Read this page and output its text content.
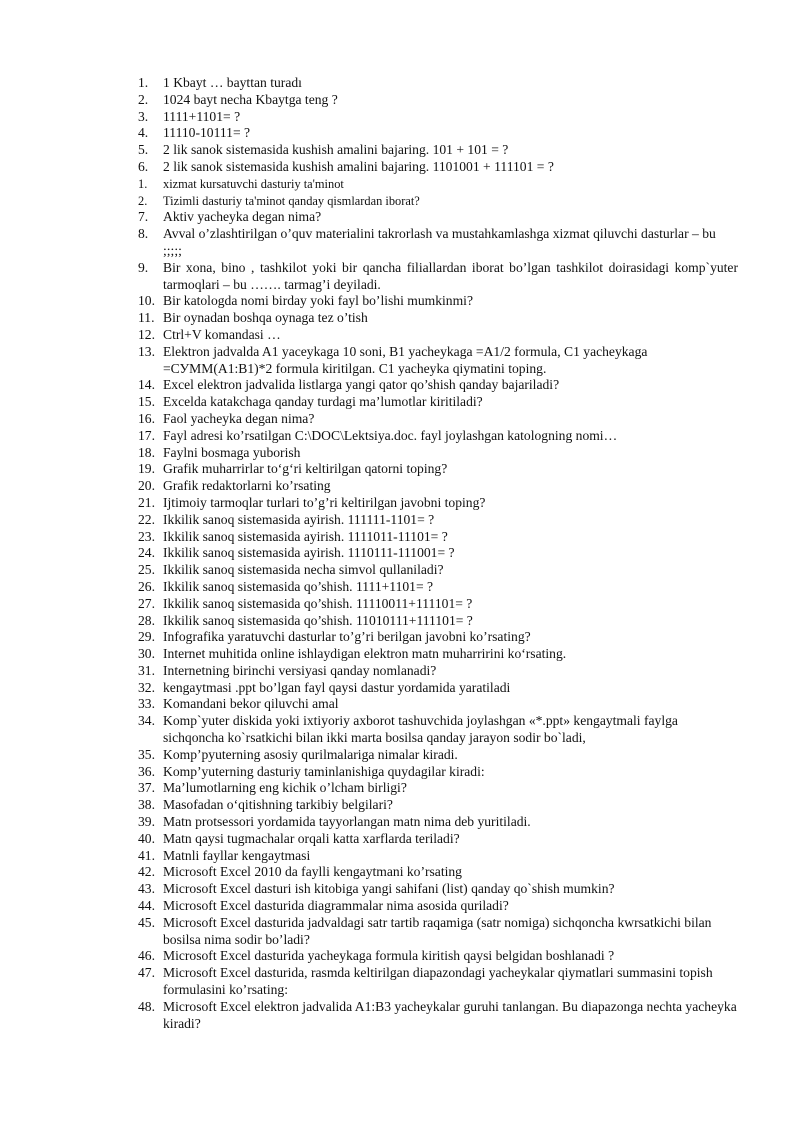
1.	1 Kbayt … bayttan turadı
2.	1024 bayt necha Kbaytga teng ?
3.	1111+1101= ?
4.	11110-10111= ?
5.	2 lik sanok sistemasida kushish amalini bajaring. 101 + 101 = ?
6.	2 lik sanok sistemasida kushish amalini bajaring. 1101001 + 111101 = ?
1.	xizmat kursatuvchi dasturiy ta'minot
2.	Tizimli dasturiy ta'minot qanday qismlardan iborat?
7.	Aktiv yacheyka degan nima?
8.	Avval o’zlashtirilgan o’quv materialini takrorlash va mustahkamlashga xizmat qiluvchi dasturlar – bu ;;;;;
9.	Bir xona, bino , tashkilot yoki bir qancha filiallardan iborat bo’lgan tashkilot doirasidagi komp`yuter tarmoqlari – bu ……. tarmag’i deyiladi.
10. Bir katologda nomi birday yoki fayl bo’lishi mumkinmi?
11. Bir oynadan boshqa oynaga tez o’tish
12. Ctrl+V komandasi …
13. Elektron jadvalda A1 yaceykaga 10 soni, B1 yacheykaga =A1/2 formula, C1 yacheykaga =СУММ(A1:B1)*2 formula kiritilgan. C1 yacheyka qiymatini toping.
14. Excel elektron jadvalida listlarga yangi qator qo’shish qanday bajariladi?
15. Excelda katakchaga qanday turdagi ma’lumotlar kiritiladi?
16. Faol yacheyka degan nima?
17. Fayl adresi ko’rsatilgan C:\DOC\Lektsiya.doc. fayl joylashgan katologning nomi…
18. Faylni bosmaga yuborish
19. Grafik muharrirlar to‘g‘ri keltirilgan qatorni toping?
20. Grafik redaktorlarni ko’rsating
21. Ijtimoiy tarmoqlar turlari to’g’ri keltirilgan javobni toping?
22. Ikkilik sanoq sistemasida ayirish. 111111-1101= ?
23. Ikkilik sanoq sistemasida ayirish. 1111011-11101= ?
24. Ikkilik sanoq sistemasida ayirish. 1110111-111001= ?
25. Ikkilik sanoq sistemasida necha simvol qullaniladi?
26. Ikkilik sanoq sistemasida qo’shish. 1111+1101= ?
27. Ikkilik sanoq sistemasida qo’shish. 11110011+111101= ?
28. Ikkilik sanoq sistemasida qo’shish. 11010111+111101= ?
29. Infografika yaratuvchi dasturlar to’g’ri berilgan javobni ko’rsating?
30. Internet muhitida online ishlaydigan elektron matn muharririni ko‘rsating.
31. Internetning birinchi versiyasi qanday nomlanadi?
32. kengaytmasi .ppt bo’lgan fayl qaysi dastur yordamida yaratiladi
33. Komandani bekor qiluvchi amal
34. Komp`yuter diskida yoki ixtiyoriy axborot tashuvchida joylashgan «*.ppt» kengaytmali faylga sichqoncha ko`rsatkichi bilan ikki marta bosilsa qanday jarayon sodir bo`ladi,
35. Komp’pyuterning asosiy qurilmalariga nimalar kiradi.
36. Komp’yuterning dasturiy taminlanishiga quydagilar kiradi:
37. Ma’lumotlarning eng kichik o’lcham birligi?
38. Masofadan o‘qitishning tarkibiy belgilari?
39. Matn protsessori yordamida tayyorlangan matn nima deb yuritiladi.
40. Matn qaysi tugmachalar orqali katta xarflarda teriladi?
41. Matnli fayllar kengaytmasi
42. Microsoft Excel 2010 da faylli kengaytmani ko’rsating
43. Microsoft Excel dasturi ish kitobiga yangi sahifani (list) qanday qo`shish mumkin?
44. Microsoft Excel dasturida diagrammalar nima asosida quriladi?
45. Microsoft Excel dasturida jadvaldagi satr tartib raqamiga (satr nomiga) sichqoncha kwrsatkichi bilan bosilsa nima sodir bo’ladi?
46. Microsoft Excel dasturida yacheykaga formula kiritish qaysi belgidan boshlanadi ?
47. Microsoft Excel dasturida, rasmda keltirilgan diapazondagi yacheykalar qiymatlari summasini topish formulasini ko’rsating:
48. Microsoft Excel elektron jadvalida A1:B3 yacheykalar guruhi tanlangan. Bu diapazonga nechta yacheyka kiradi?
